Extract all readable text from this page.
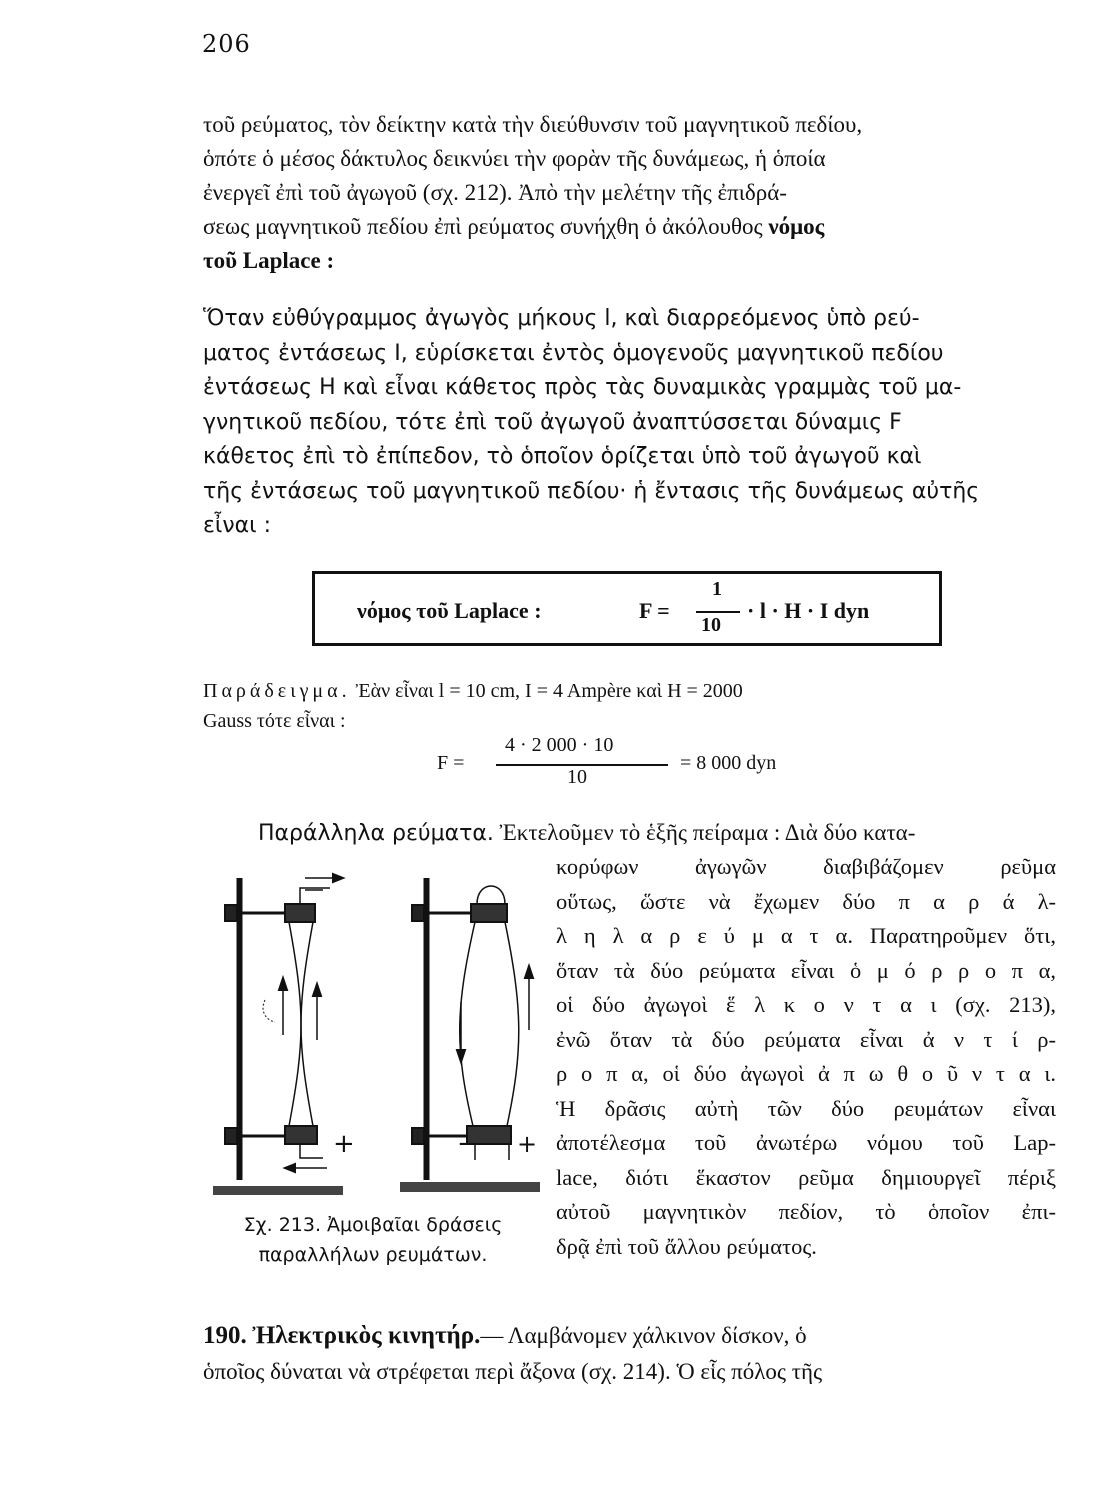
206
τοῦ ρεύματος, τὸν δείκτην κατὰ τὴν διεύθυνσιν τοῦ μαγνητικοῦ πεδίου,
ὁπότε ὁ μέσος δάκτυλος δεικνύει τὴν φορὰν τῆς δυνάμεως, ἡ ὁποία
ἐνεργεῖ ἐπὶ τοῦ ἀγωγοῦ (σχ. 212). Ἀπὸ τὴν μελέτην τῆς ἐπιδρά-
σεως μαγνητικοῦ πεδίου ἐπὶ ρεύματος συνήχθη ὁ ἀκόλουθος νόμος
τοῦ Laplace :
Ὅταν εὐθύγραμμος ἀγωγὸς μήκους l, καὶ διαρρεόμενος ὑπὸ ρεύ-
ματος ἐντάσεως I, εὑρίσκεται ἐντὸς ὁμογενοῦς μαγνητικοῦ πεδίου
ἐντάσεως H καὶ εἶναι κάθετος πρὸς τὰς δυναμικὰς γραμμὰς τοῦ μα-
γνητικοῦ πεδίου, τότε ἐπὶ τοῦ ἀγωγοῦ ἀναπτύσσεται δύναμις F
κάθετος ἐπὶ τὸ ἐπίπεδον, τὸ ὁποῖον ὁρίζεται ὑπὸ τοῦ ἀγωγοῦ καὶ
τῆς ἐντάσεως τοῦ μαγνητικοῦ πεδίου· ἡ ἔντασις τῆς δυνάμεως αὐτῆς
εἶναι :
νόμος τοῦ Laplace :	F =
1
10
· l · H · I dyn
Παράδειγμα. Ἐὰν εἶναι l = 10 cm, I = 4 Ampère καὶ H = 2000
Gauss τότε εἶναι :
F =
4 · 2 000 · 10
10
= 8 000 dyn
Παράλληλα ρεύματα. Ἐκτελοῦμεν τὸ ἑξῆς πείραμα : Διὰ δύο κατα-
κορύφων ἀγωγῶν διαβιβάζομεν ρεῦμα
οὕτως, ὥστε νὰ ἔχωμεν δύο π α ρ ά λ-
λ η λ α ρ ε ύ μ α τ α. Παρατηροῦμεν ὅτι,
ὅταν τὰ δύο ρεύματα εἶναι ὁ μ ό ρ ρ ο π α,
οἱ δύο ἀγωγοὶ ἕ λ κ ο ν τ α ι (σχ. 213),
ἐνῶ ὅταν τὰ δύο ρεύματα εἶναι ἀ ν τ ί ρ-
ρ ο π α, οἱ δύο ἀγωγοὶ ἀ π ω θ ο ῦ ν τ α ι.
Ἡ δρᾶσις αὐτὴ τῶν δύο ρευμάτων εἶναι
ἀποτέλεσμα τοῦ ἀνωτέρω νόμου τοῦ Lap-
lace, διότι ἕκαστον ρεῦμα δημιουργεῖ πέριξ
αὐτοῦ μαγνητικὸν πεδίον, τὸ ὁποῖον ἐπι-
δρᾷ ἐπὶ τοῦ ἄλλου ρεύματος.
+	− +
Σχ. 213. Ἀμοιβαῖαι δράσεις
παραλλήλων ρευμάτων.
190. Ἠλεκτρικὸς κινητήρ.— Λαμβάνομεν χάλκινον δίσκον, ὁ
ὁποῖος δύναται νὰ στρέφεται περὶ ἄξονα (σχ. 214). Ὁ εἷς πόλος τῆς
